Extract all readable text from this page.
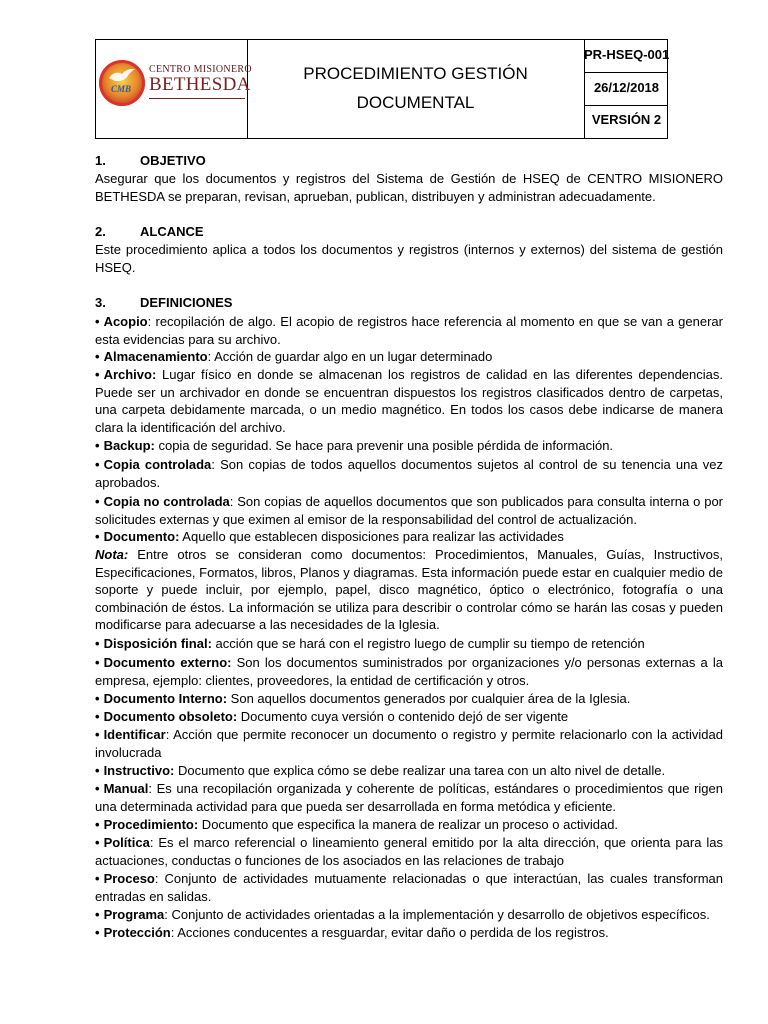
CMB
CENTRO MISIONERO
BETHESDA
PROCEDIMIENTO GESTIÓN
DOCUMENTAL
PR-HSEQ-001
26/12/2018
VERSIÓN 2
1.	OBJETIVO
Asegurar que los documentos y registros del Sistema de Gestión de HSEQ de CENTRO MISIONERO BETHESDA se preparan, revisan, aprueban, publican, distribuyen y administran adecuadamente.
2.	ALCANCE
Este procedimiento aplica a todos los documentos y registros (internos y externos) del sistema de gestión HSEQ.
3.	DEFINICIONES
• Acopio: recopilación de algo. El acopio de registros hace referencia al momento en que se van a generar esta evidencias para su archivo.
• Almacenamiento: Acción de guardar algo en un lugar determinado
• Archivo: Lugar físico en donde se almacenan los registros de calidad en las diferentes dependencias. Puede ser un archivador en donde se encuentran dispuestos los registros clasificados dentro de carpetas, una carpeta debidamente marcada, o un medio magnético. En todos los casos debe indicarse de manera clara la identificación del archivo.
• Backup: copia de seguridad. Se hace para prevenir una posible pérdida de información.
• Copia controlada: Son copias de todos aquellos documentos sujetos al control de su tenencia una vez aprobados.
• Copia no controlada: Son copias de aquellos documentos que son publicados para consulta interna o por solicitudes externas y que eximen al emisor de la responsabilidad del control de actualización.
• Documento: Aquello que establecen disposiciones para realizar las actividades
Nota: Entre otros se consideran como documentos: Procedimientos, Manuales, Guías, Instructivos, Especificaciones, Formatos, libros, Planos y diagramas. Esta información puede estar en cualquier medio de soporte y puede incluir, por ejemplo, papel, disco magnético, óptico o electrónico, fotografía o una combinación de éstos. La información se utiliza para describir o controlar cómo se harán las cosas y pueden modificarse para adecuarse a las necesidades de la Iglesia.
• Disposición final: acción que se hará con el registro luego de cumplir su tiempo de retención
• Documento externo: Son los documentos suministrados por organizaciones y/o personas externas a la empresa, ejemplo: clientes, proveedores, la entidad de certificación y otros.
• Documento Interno: Son aquellos documentos generados por cualquier área de la Iglesia.
• Documento obsoleto: Documento cuya versión o contenido dejó de ser vigente
• Identificar: Acción que permite reconocer un documento o registro y permite relacionarlo con la actividad involucrada
• Instructivo: Documento que explica cómo se debe realizar una tarea con un alto nivel de detalle.
• Manual: Es una recopilación organizada y coherente de políticas, estándares o procedimientos que rigen una determinada actividad para que pueda ser desarrollada en forma metódica y eficiente.
• Procedimiento: Documento que especifica la manera de realizar un proceso o actividad.
• Política: Es el marco referencial o lineamiento general emitido por la alta dirección, que orienta para las actuaciones, conductas o funciones de los asociados en las relaciones de trabajo
• Proceso: Conjunto de actividades mutuamente relacionadas o que interactúan, las cuales transforman entradas en salidas.
• Programa: Conjunto de actividades orientadas a la implementación y desarrollo de objetivos específicos.
• Protección: Acciones conducentes a resguardar, evitar daño o perdida de los registros.
